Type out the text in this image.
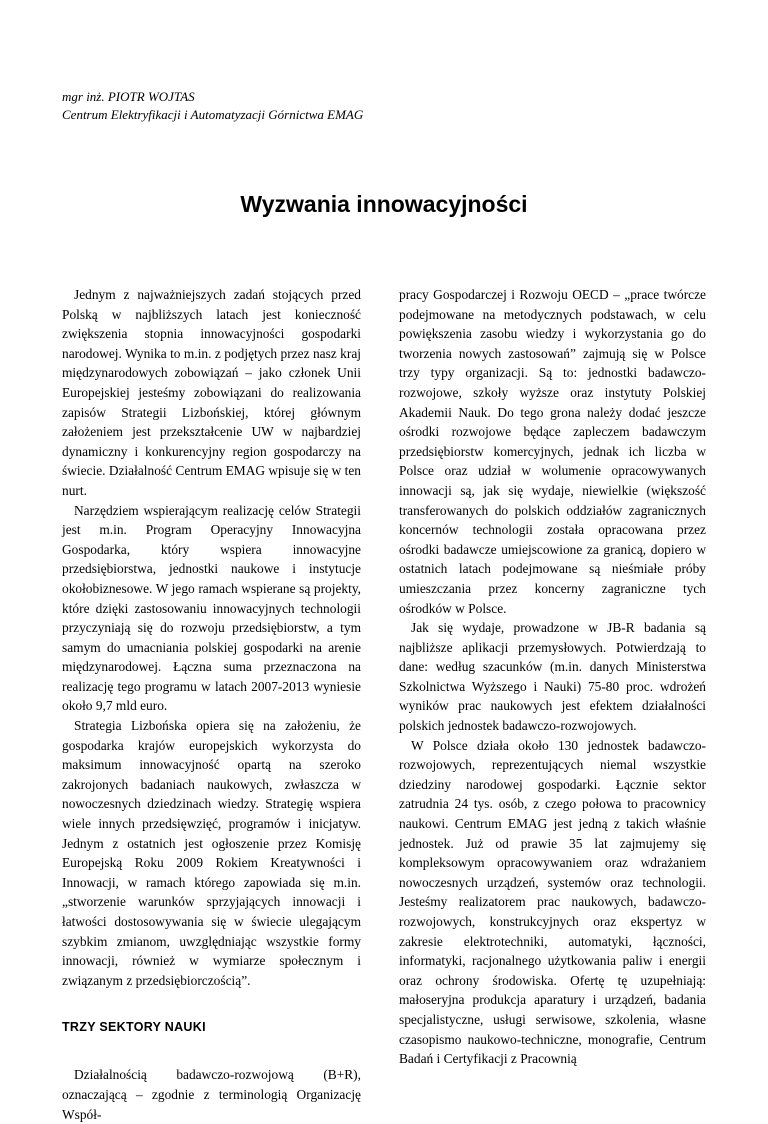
mgr inż. PIOTR WOJTAS
Centrum Elektryfikacji i Automatyzacji Górnictwa EMAG
Wyzwania innowacyjności

Jednym z najważniejszych zadań stojących przed Polską w najbliższych latach jest konieczność zwiększenia stopnia innowacyjności gospodarki narodowej. Wynika to m.in. z podjętych przez nasz kraj międzynarodowych zobowiązań – jako członek Unii Europejskiej jesteśmy zobowiązani do realizowania zapisów Strategii Lizbońskiej, której głównym założeniem jest przekształcenie UW w najbardziej dynamiczny i konkurencyjny region gospodarczy na świecie. Działalność Centrum EMAG wpisuje się w ten nurt.

Narzędziem wspierającym realizację celów Strategii jest m.in. Program Operacyjny Innowacyjna Gospodarka, który wspiera innowacyjne przedsiębiorstwa, jednostki naukowe i instytucje okołobiznesowe. W jego ramach wspierane są projekty, które dzięki zastosowaniu innowacyjnych technologii przyczyniają się do rozwoju przedsiębiorstw, a tym samym do umacniania polskiej gospodarki na arenie międzynarodowej. Łączna suma przeznaczona na realizację tego programu w latach 2007-2013 wyniesie około 9,7 mld euro.

Strategia Lizbońska opiera się na założeniu, że gospodarka krajów europejskich wykorzysta do maksimum innowacyjność opartą na szeroko zakrojonych badaniach naukowych, zwłaszcza w nowoczesnych dziedzinach wiedzy. Strategię wspiera wiele innych przedsięwzięć, programów i inicjatyw. Jednym z ostatnich jest ogłoszenie przez Komisję Europejską Roku 2009 Rokiem Kreatywności i Innowacji, w ramach którego zapowiada się m.in. „stworzenie warunków sprzyjających innowacji i łatwości dostosowywania się w świecie ulegającym szybkim zmianom, uwzględniając wszystkie formy innowacji, również w wymiarze społecznym i związanym z przedsiębiorczością”.

TRZY SEKTORY NAUKI

Działalnością badawczo-rozwojową (B+R), oznaczającą – zgodnie z terminologią Organizację Współ-

pracy Gospodarczej i Rozwoju OECD – „prace twórcze podejmowane na metodycznych podstawach, w celu powiększenia zasobu wiedzy i wykorzystania go do tworzenia nowych zastosowań” zajmują się w Polsce trzy typy organizacji. Są to: jednostki badawczo-rozwojowe, szkoły wyższe oraz instytuty Polskiej Akademii Nauk. Do tego grona należy dodać jeszcze ośrodki rozwojowe będące zapleczem badawczym przedsiębiorstw komercyjnych, jednak ich liczba w Polsce oraz udział w wolumenie opracowywanych innowacji są, jak się wydaje, niewielkie (większość transferowanych do polskich oddziałów zagranicznych koncernów technologii została opracowana przez ośrodki badawcze umiejscowione za granicą, dopiero w ostatnich latach podejmowane są nieśmiałe próby umieszczania przez koncerny zagraniczne tych ośrodków w Polsce.

Jak się wydaje, prowadzone w JB-R badania są najbliższe aplikacji przemysłowych. Potwierdzają to dane: według szacunków (m.in. danych Ministerstwa Szkolnictwa Wyższego i Nauki) 75-80 proc. wdrożeń wyników prac naukowych jest efektem działalności polskich jednostek badawczo-rozwojowych.

W Polsce działa około 130 jednostek badawczo-rozwojowych, reprezentujących niemal wszystkie dziedziny narodowej gospodarki. Łącznie sektor zatrudnia 24 tys. osób, z czego połowa to pracownicy naukowi. Centrum EMAG jest jedną z takich właśnie jednostek. Już od prawie 35 lat zajmujemy się kompleksowym opracowywaniem oraz wdrażaniem nowoczesnych urządzeń, systemów oraz technologii. Jesteśmy realizatorem prac naukowych, badawczo-rozwojowych, konstrukcyjnych oraz ekspertyz w zakresie elektrotechniki, automatyki, łączności, informatyki, racjonalnego użytkowania paliw i energii oraz ochrony środowiska. Ofertę tę uzupełniają: małoseryjna produkcja aparatury i urządzeń, badania specjalistyczne, usługi serwisowe, szkolenia, własne czasopismo naukowo-techniczne, monografie, Centrum Badań i Certyfikacji z Pracownią
